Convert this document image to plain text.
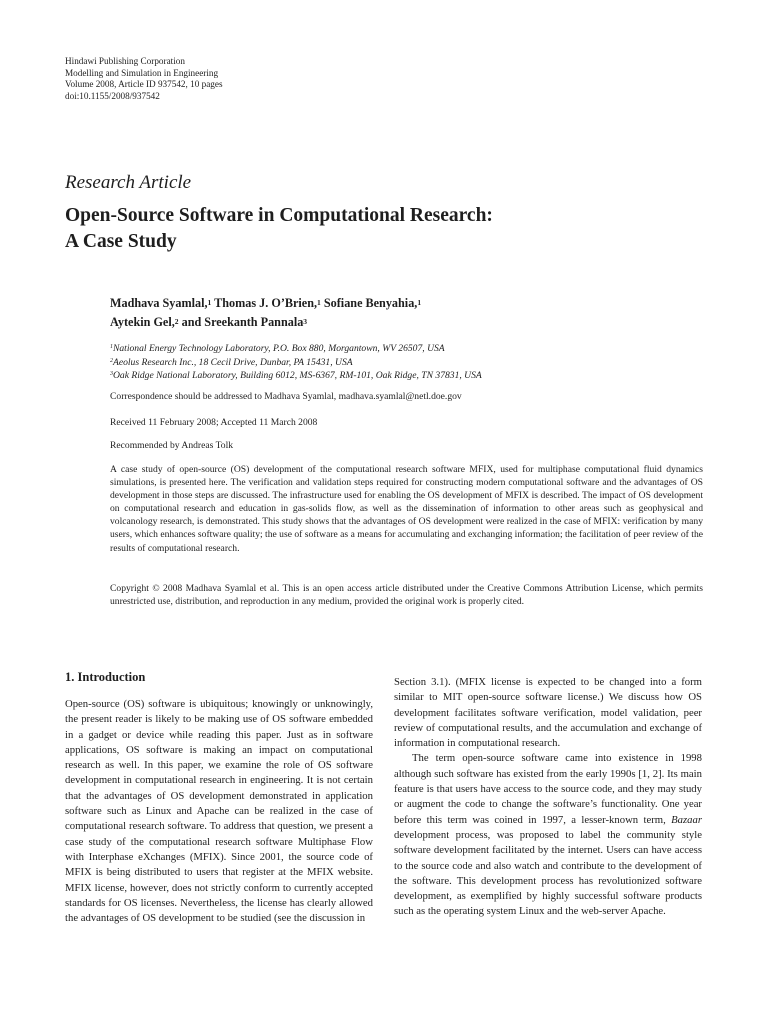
Hindawi Publishing Corporation
Modelling and Simulation in Engineering
Volume 2008, Article ID 937542, 10 pages
doi:10.1155/2008/937542
Research Article
Open-Source Software in Computational Research:
A Case Study
Madhava Syamlal,$^1$ Thomas J. O’Brien,$^1$ Sofiane Benyahia,$^1$
Aytekin Gel,$^2$ and Sreekanth Pannala$^3$
$^1$National Energy Technology Laboratory, P.O. Box 880, Morgantown, WV 26507, USA
$^2$Aeolus Research Inc., 18 Cecil Drive, Dunbar, PA 15431, USA
$^3$Oak Ridge National Laboratory, Building 6012, MS-6367, RM-101, Oak Ridge, TN 37831, USA
Correspondence should be addressed to Madhava Syamlal, madhava.syamlal@netl.doe.gov
Received 11 February 2008; Accepted 11 March 2008
Recommended by Andreas Tolk
A case study of open-source (OS) development of the computational research software MFIX, used for multiphase computational fluid dynamics simulations, is presented here. The verification and validation steps required for constructing modern computational software and the advantages of OS development in those steps are discussed. The infrastructure used for enabling the OS development of MFIX is described. The impact of OS development on computational research and education in gas-solids flow, as well as the dissemination of information to other areas such as geophysical and volcanology research, is demonstrated. This study shows that the advantages of OS development were realized in the case of MFIX: verification by many users, which enhances software quality; the use of software as a means for accumulating and exchanging information; the facilitation of peer review of the results of computational research.
Copyright © 2008 Madhava Syamlal et al. This is an open access article distributed under the Creative Commons Attribution License, which permits unrestricted use, distribution, and reproduction in any medium, provided the original work is properly cited.
1. Introduction

Open-source (OS) software is ubiquitous; knowingly or unknowingly, the present reader is likely to be making use of OS software embedded in a gadget or device while reading this paper. Just as in software applications, OS software is making an impact on computational research as well. In this paper, we examine the role of OS software development in computational research in engineering. It is not certain that the advantages of OS development demonstrated in application software such as Linux and Apache can be realized in the case of computational research software. To address that question, we present a case study of the computational research software Multiphase Flow with Interphase eXchanges (MFIX). Since 2001, the source code of MFIX is being distributed to users that register at the MFIX website. MFIX license, however, does not strictly conform to currently accepted standards for OS licenses. Nevertheless, the license has clearly allowed the advantages of OS development to be studied (see the discussion in

Section 3.1). (MFIX license is expected to be changed into a form similar to MIT open-source software license.) We discuss how OS development facilitates software verification, model validation, peer review of computational results, and the accumulation and exchange of information in computational research.

The term open-source software came into existence in 1998 although such software has existed from the early 1990s [1, 2]. Its main feature is that users have access to the source code, and they may study or augment the code to change the software’s functionality. One year before this term was coined in 1997, a lesser-known term, Bazaar development process, was proposed to label the community style software development facilitated by the internet. Users can have access to the source code and also watch and contribute to the development of the software. This development process has revolutionized software development, as exemplified by highly successful software products such as the operating system Linux and the web-server Apache.
